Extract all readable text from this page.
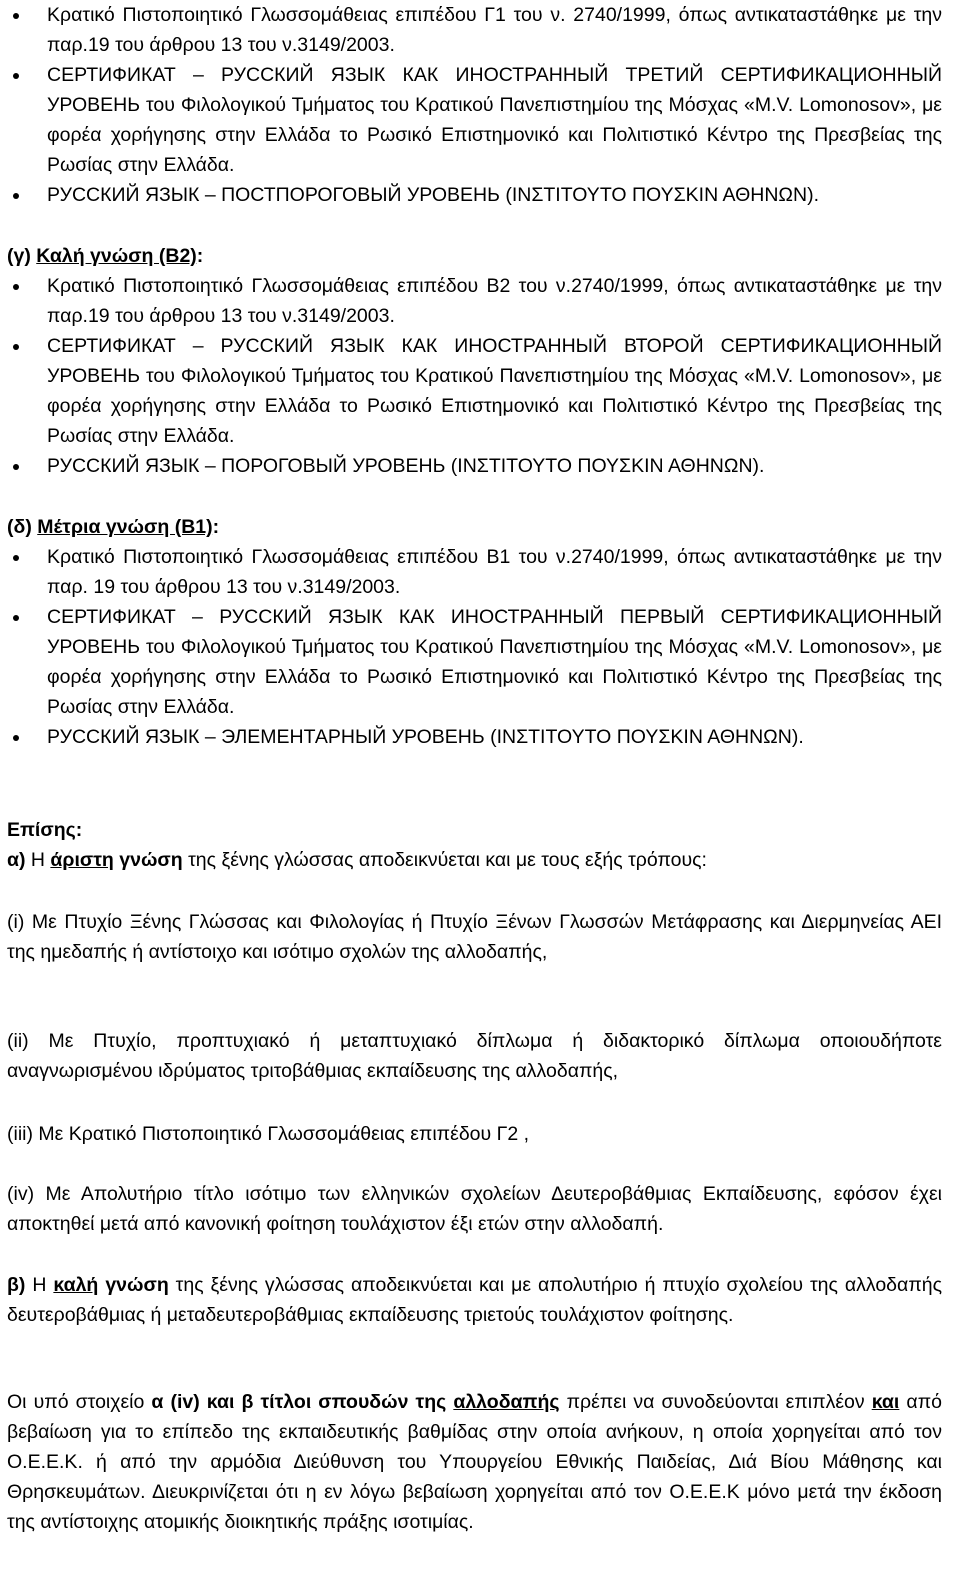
Κρατικό Πιστοποιητικό Γλωσσομάθειας επιπέδου Γ1 του ν. 2740/1999, όπως αντικαταστάθηκε με την παρ.19 του άρθρου 13 του ν.3149/2003.
СЕРТИФИКАТ – РУССКИЙ ЯЗЫК КАК ИНОСТРАННЫЙ ТРЕТИЙ СЕРТИФИКАЦИОННЫЙ УРОВЕНЬ του Φιλολογικού Τμήματος του Κρατικού Πανεπιστημίου της Μόσχας «M.V. Lomonosov», με φορέα χορήγησης στην Ελλάδα το Ρωσικό Επιστημονικό και Πολιτιστικό Κέντρο της Πρεσβείας της Ρωσίας στην Ελλάδα.
РУССКИЙ ЯЗЫК – ПОСТПОРОГОВЫЙ УРОВЕНЬ (ΙΝΣΤΙΤΟΥΤΟ ΠΟΥΣΚΙΝ ΑΘΗΝΩΝ).

(γ) Καλή γνώση (Β2):

Κρατικό Πιστοποιητικό Γλωσσομάθειας επιπέδου Β2 του ν.2740/1999, όπως αντικαταστάθηκε με την παρ.19 του άρθρου 13 του ν.3149/2003.
СЕРТИФИКАТ – РУССКИЙ ЯЗЫК КАК ИНОСТРАННЫЙ ВТОРОЙ СЕРТИФИКАЦИОННЫЙ УРОВЕНЬ του Φιλολογικού Τμήματος του Κρατικού Πανεπιστημίου της Μόσχας «M.V. Lomonosov», με φορέα χορήγησης στην Ελλάδα το Ρωσικό Επιστημονικό και Πολιτιστικό Κέντρο της Πρεσβείας της Ρωσίας στην Ελλάδα.
РУССКИЙ ЯЗЫК – ПОРОГОВЫЙ УРОВЕНЬ (ΙΝΣΤΙΤΟΥΤΟ ΠΟΥΣΚΙΝ ΑΘΗΝΩΝ).

(δ) Μέτρια γνώση (Β1):

Κρατικό Πιστοποιητικό Γλωσσομάθειας επιπέδου Β1 του ν.2740/1999, όπως αντικαταστάθηκε με την παρ. 19 του άρθρου 13 του ν.3149/2003.
СЕРТИФИКАТ – РУССКИЙ ЯЗЫК КАК ИНОСТРАННЫЙ ПЕРВЫЙ СЕРТИФИКАЦИОННЫЙ УРОВЕНЬ του Φιλολογικού Τμήματος του Κρατικού Πανεπιστημίου της Μόσχας «M.V. Lomonosov», με φορέα χορήγησης στην Ελλάδα το Ρωσικό Επιστημονικό και Πολιτιστικό Κέντρο της Πρεσβείας της Ρωσίας στην Ελλάδα.
РУССКИЙ ЯЗЫК – ЭЛЕМЕНТАРНЫЙ УРОВЕНЬ (ΙΝΣΤΙΤΟΥΤΟ ΠΟΥΣΚΙΝ ΑΘΗΝΩΝ).

Επίσης:

α) Η άριστη γνώση της ξένης γλώσσας αποδεικνύεται και με τους εξής τρόπους:

(i) Με Πτυχίο Ξένης Γλώσσας και Φιλολογίας ή Πτυχίο Ξένων Γλωσσών Μετάφρασης και Διερμηνείας ΑΕΙ της ημεδαπής ή αντίστοιχο και ισότιμο σχολών της αλλοδαπής,

(ii) Με Πτυχίο, προπτυχιακό ή μεταπτυχιακό δίπλωμα ή διδακτορικό δίπλωμα οποιουδήποτε αναγνωρισμένου ιδρύματος τριτοβάθμιας εκπαίδευσης της αλλοδαπής,

(iii) Με Κρατικό Πιστοποιητικό Γλωσσομάθειας επιπέδου Γ2 ,

(iv) Με Απολυτήριο τίτλο ισότιμο των ελληνικών σχολείων Δευτεροβάθμιας Εκπαίδευσης, εφόσον έχει αποκτηθεί μετά από κανονική φοίτηση τουλάχιστον έξι ετών στην αλλοδαπή.

β) Η καλή γνώση της ξένης γλώσσας αποδεικνύεται και με απολυτήριο ή πτυχίο σχολείου της αλλοδαπής δευτεροβάθμιας ή μεταδευτεροβάθμιας εκπαίδευσης τριετούς τουλάχιστον φοίτησης.

Οι υπό στοιχείο α (iv) και β τίτλοι σπουδών της αλλοδαπής πρέπει να συνοδεύονται επιπλέον και από βεβαίωση για το επίπεδο της εκπαιδευτικής βαθμίδας στην οποία ανήκουν, η οποία χορηγείται από τον Ο.Ε.Ε.Κ. ή από την αρμόδια Διεύθυνση του Υπουργείου Εθνικής Παιδείας, Διά Βίου Μάθησης και Θρησκευμάτων. Διευκρινίζεται ότι η εν λόγω βεβαίωση χορηγείται από τον Ο.Ε.Ε.Κ μόνο μετά την έκδοση της αντίστοιχης ατομικής διοικητικής πράξης ισοτιμίας.
